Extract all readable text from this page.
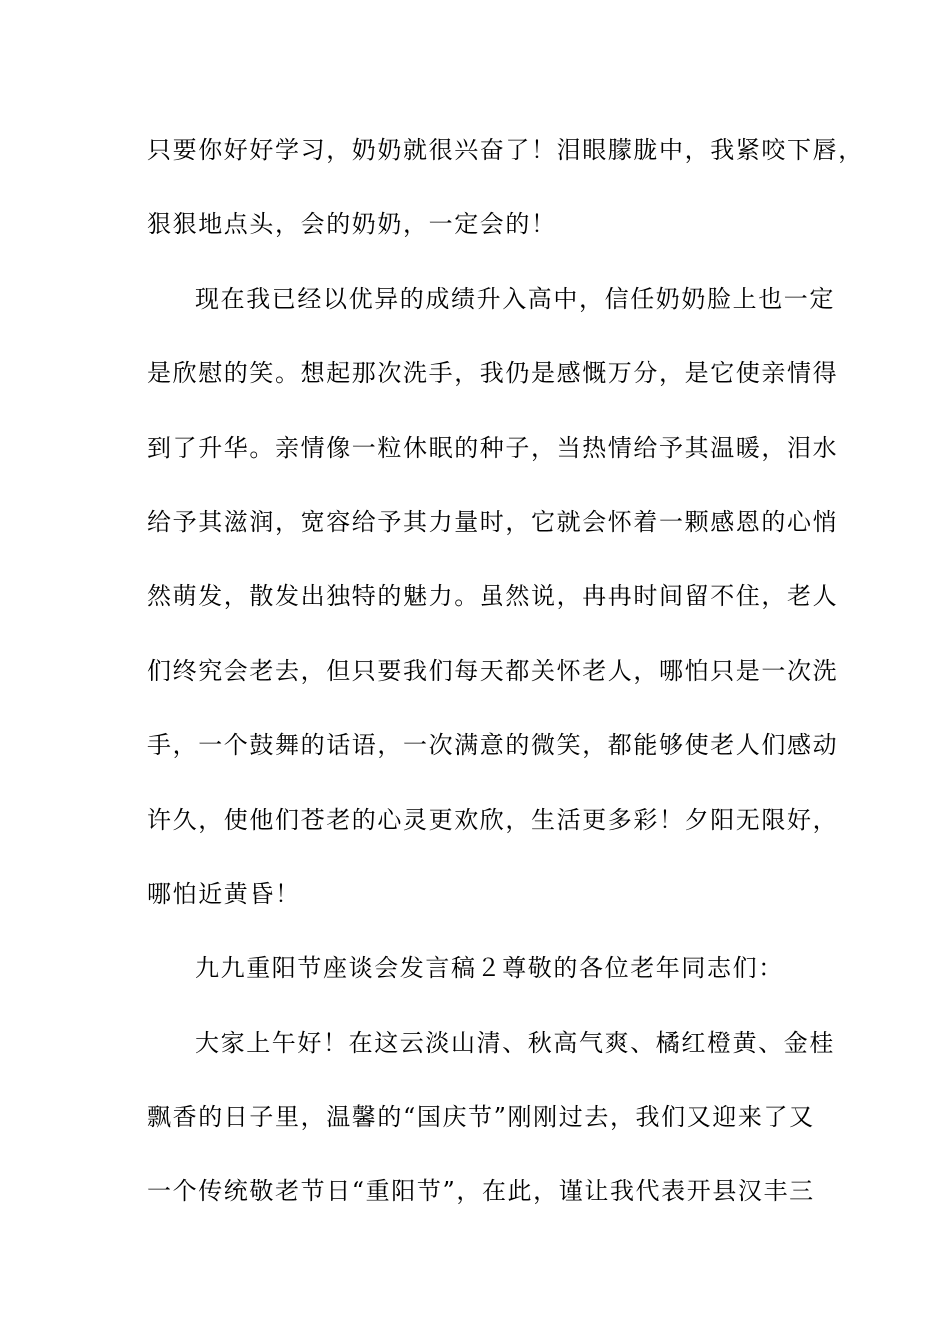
只要你好好学习，奶奶就很兴奋了！泪眼朦胧中，我紧咬下唇，
狠狠地点头，会的奶奶，一定会的！
现在我已经以优异的成绩升入高中，信任奶奶脸上也一定
是欣慰的笑。想起那次洗手，我仍是感慨万分，是它使亲情得
到了升华。亲情像一粒休眠的种子，当热情给予其温暖，泪水
给予其滋润，宽容给予其力量时，它就会怀着一颗感恩的心悄
然萌发，散发出独特的魅力。虽然说，冉冉时间留不住，老人
们终究会老去，但只要我们每天都关怀老人，哪怕只是一次洗
手，一个鼓舞的话语，一次满意的微笑，都能够使老人们感动
许久，使他们苍老的心灵更欢欣，生活更多彩！夕阳无限好，
哪怕近黄昏！
九九重阳节座谈会发言稿２尊敬的各位老年同志们：
大家上午好！在这云淡山清、秋高气爽、橘红橙黄、金桂
飘香的日子里，温馨的“国庆节”刚刚过去，我们又迎来了又
一个传统敬老节日“重阳节”，在此，谨让我代表开县汉丰三
